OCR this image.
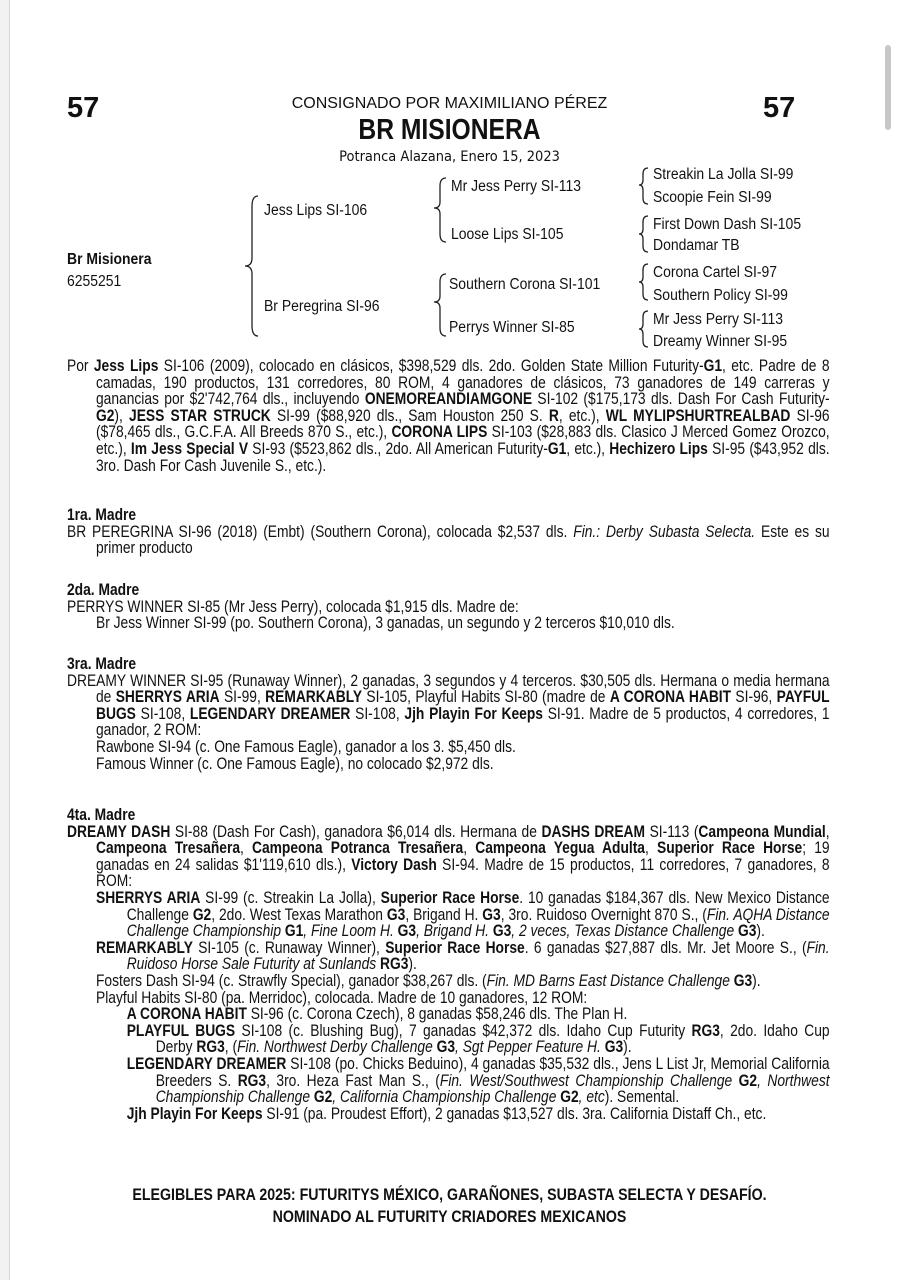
57	57
CONSIGNADO POR MAXIMILIANO PÉREZ
BR MISIONERA
Potranca Alazana, Enero 15, 2023
Br Misionera
6255251
Jess Lips SI-106
Br Peregrina SI-96
Mr Jess Perry SI-113
Loose Lips SI-105
Southern Corona SI-101
Perrys Winner SI-85
Streakin La Jolla SI-99
Scoopie Fein SI-99
First Down Dash SI-105
Dondamar TB
Corona Cartel SI-97
Southern Policy SI-99
Mr Jess Perry SI-113
Dreamy Winner SI-95

Por Jess Lips SI-106 (2009), colocado en clásicos, $398,529 dls. 2do. Golden State Million Futurity-G1, etc. Padre de 8 camadas, 190 productos, 131 corredores, 80 ROM, 4 ganadores de clásicos, 73 ganadores de 149 carreras y ganancias por $2'742,764 dls., incluyendo ONEMOREANDIAMGONE SI-102 ($175,173 dls. Dash For Cash Futurity-G2), JESS STAR STRUCK SI-99 ($88,920 dls., Sam Houston 250 S. R, etc.), WL MYLIPSHURTREALBAD SI-96 ($78,465 dls., G.C.F.A. All Breeds 870 S., etc.), CORONA LIPS SI-103 ($28,883 dls. Clasico J Merced Gomez Orozco, etc.), Im Jess Special V SI-93 ($523,862 dls., 2do. All American Futurity-G1, etc.), Hechizero Lips SI-95 ($43,952 dls. 3ro. Dash For Cash Juvenile S., etc.).

1ra. Madre

BR PEREGRINA SI-96 (2018) (Embt) (Southern Corona), colocada $2,537 dls. Fin.: Derby Subasta Selecta. Este es su primer producto

2da. Madre

PERRYS WINNER SI-85 (Mr Jess Perry), colocada $1,915 dls. Madre de:

Br Jess Winner SI-99 (po. Southern Corona), 3 ganadas, un segundo y 2 terceros $10,010 dls.

3ra. Madre

DREAMY WINNER SI-95 (Runaway Winner), 2 ganadas, 3 segundos y 4 terceros. $30,505 dls. Hermana o media hermana de SHERRYS ARIA SI-99, REMARKABLY SI-105, Playful Habits SI-80 (madre de A CORONA HABIT SI-96, PAYFUL BUGS SI-108, LEGENDARY DREAMER SI-108, Jjh Playin For Keeps SI-91. Madre de 5 productos, 4 corredores, 1 ganador, 2 ROM:

Rawbone SI-94 (c. One Famous Eagle), ganador a los 3. $5,450 dls.

Famous Winner (c. One Famous Eagle), no colocado $2,972 dls.

4ta. Madre

DREAMY DASH SI-88 (Dash For Cash), ganadora $6,014 dls. Hermana de DASHS DREAM SI-113 (Campeona Mundial, Campeona Tresañera, Campeona Potranca Tresañera, Campeona Yegua Adulta, Superior Race Horse; 19 ganadas en 24 salidas $1'119,610 dls.), Victory Dash SI-94. Madre de 15 productos, 11 corredores, 7 ganadores, 8 ROM:

SHERRYS ARIA SI-99 (c. Streakin La Jolla), Superior Race Horse. 10 ganadas $184,367 dls. New Mexico Distance Challenge G2, 2do. West Texas Marathon G3, Brigand H. G3, 3ro. Ruidoso Overnight 870 S., (Fin. AQHA Distance Challenge Championship G1, Fine Loom H. G3, Brigand H. G3, 2 veces, Texas Distance Challenge G3).

REMARKABLY SI-105 (c. Runaway Winner), Superior Race Horse. 6 ganadas $27,887 dls. Mr. Jet Moore S., (Fin. Ruidoso Horse Sale Futurity at Sunlands RG3).

Fosters Dash SI-94 (c. Strawfly Special), ganador $38,267 dls. (Fin. MD Barns East Distance Challenge G3).

Playful Habits SI-80 (pa. Merridoc), colocada. Madre de 10 ganadores, 12 ROM:

A CORONA HABIT SI-96 (c. Corona Czech), 8 ganadas $58,246 dls. The Plan H.

PLAYFUL BUGS SI-108 (c. Blushing Bug), 7 ganadas $42,372 dls. Idaho Cup Futurity RG3, 2do. Idaho Cup Derby RG3, (Fin. Northwest Derby Challenge G3, Sgt Pepper Feature H. G3).

LEGENDARY DREAMER SI-108 (po. Chicks Beduino), 4 ganadas $35,532 dls., Jens L List Jr, Memorial California Breeders S. RG3, 3ro. Heza Fast Man S., (Fin. West/Southwest Championship Challenge G2, Northwest Championship Challenge G2, California Championship Challenge G2, etc). Semental.

Jjh Playin For Keeps SI-91 (pa. Proudest Effort), 2 ganadas $13,527 dls. 3ra. California Distaff Ch., etc.

ELEGIBLES PARA 2025: FUTURITYS MÉXICO, GARAÑONES, SUBASTA SELECTA Y DESAFÍO.
NOMINADO AL FUTURITY CRIADORES MEXICANOS
